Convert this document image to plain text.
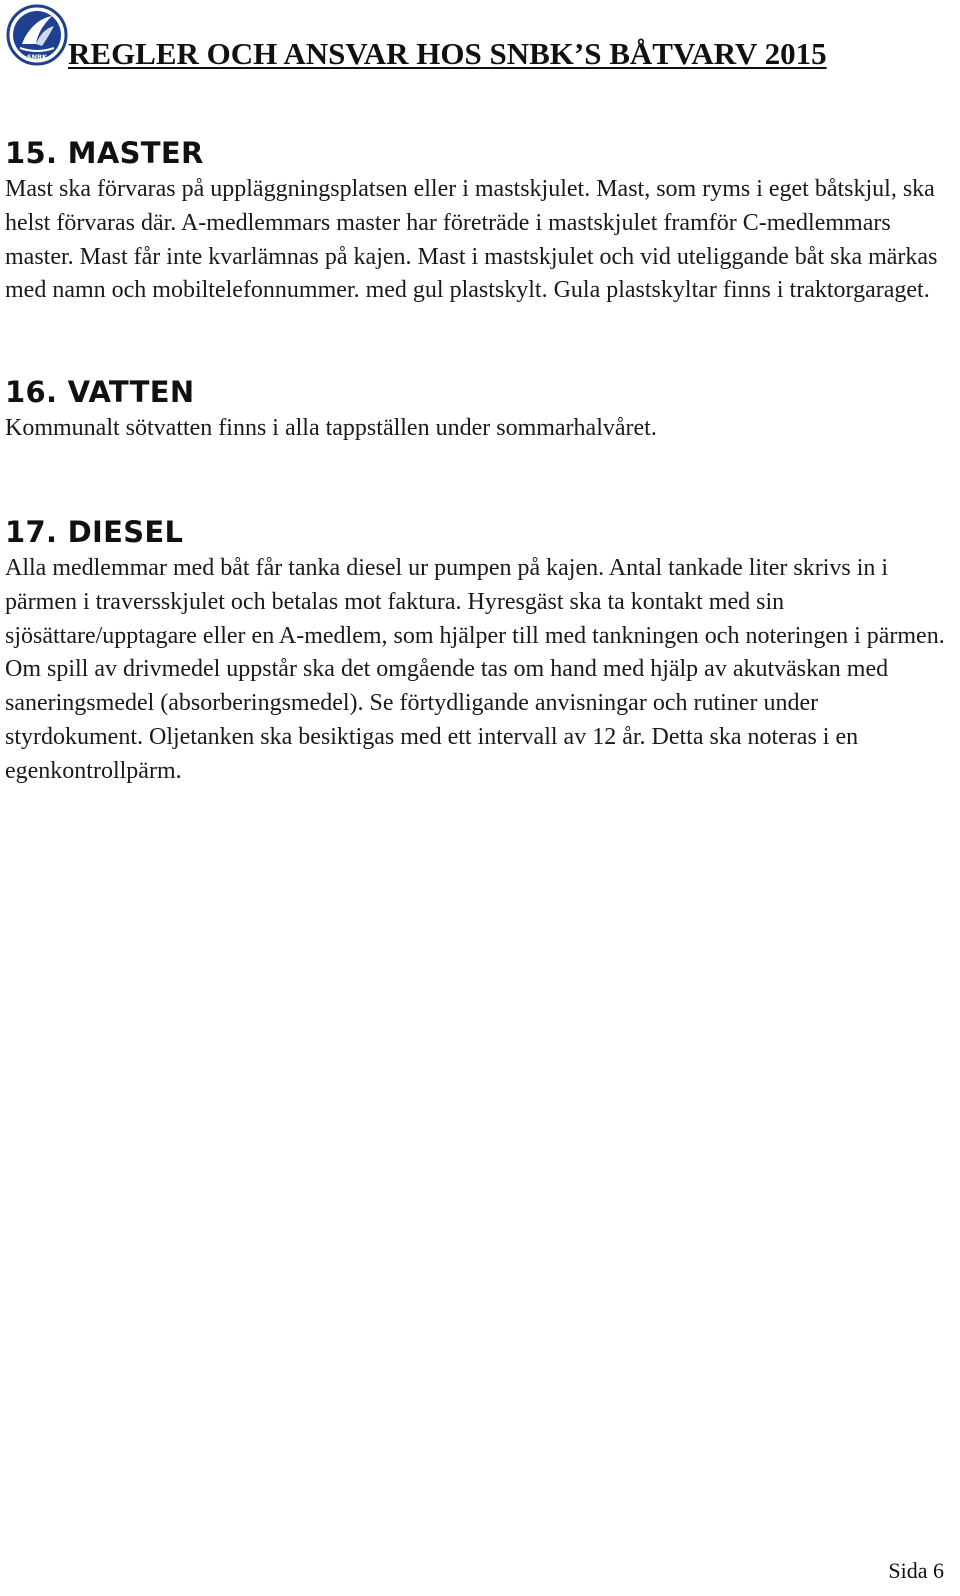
SNBK REGLER OCH ANSVAR HOS SNBK’S BÅTVARV 2015
15. MASTER

Mast ska förvaras på uppläggningsplatsen eller i mastskjulet. Mast, som ryms i eget båtskjul, ska helst förvaras där. A-medlemmars master har företräde i mastskjulet framför C-medlemmars master. Mast får inte kvarlämnas på kajen. Mast i mastskjulet och vid uteliggande båt ska märkas med namn och mobiltelefonnummer. med gul plastskylt. Gula plastskyltar finns i traktorgaraget.

16. VATTEN

Kommunalt sötvatten finns i alla tappställen under sommarhalvåret.

17. DIESEL

Alla medlemmar med båt får tanka diesel ur pumpen på kajen. Antal tankade liter skrivs in i pärmen i traversskjulet och betalas mot faktura. Hyresgäst ska ta kontakt med sin sjösättare/upptagare eller en A-medlem, som hjälper till med tankningen och noteringen i pärmen. Om spill av drivmedel uppstår ska det omgående tas om hand med hjälp av akutväskan med saneringsmedel (absorberingsmedel). Se förtydligande anvisningar och rutiner under styrdokument. Oljetanken ska besiktigas med ett intervall av 12 år. Detta ska noteras i en egenkontrollpärm.

Sida 6
